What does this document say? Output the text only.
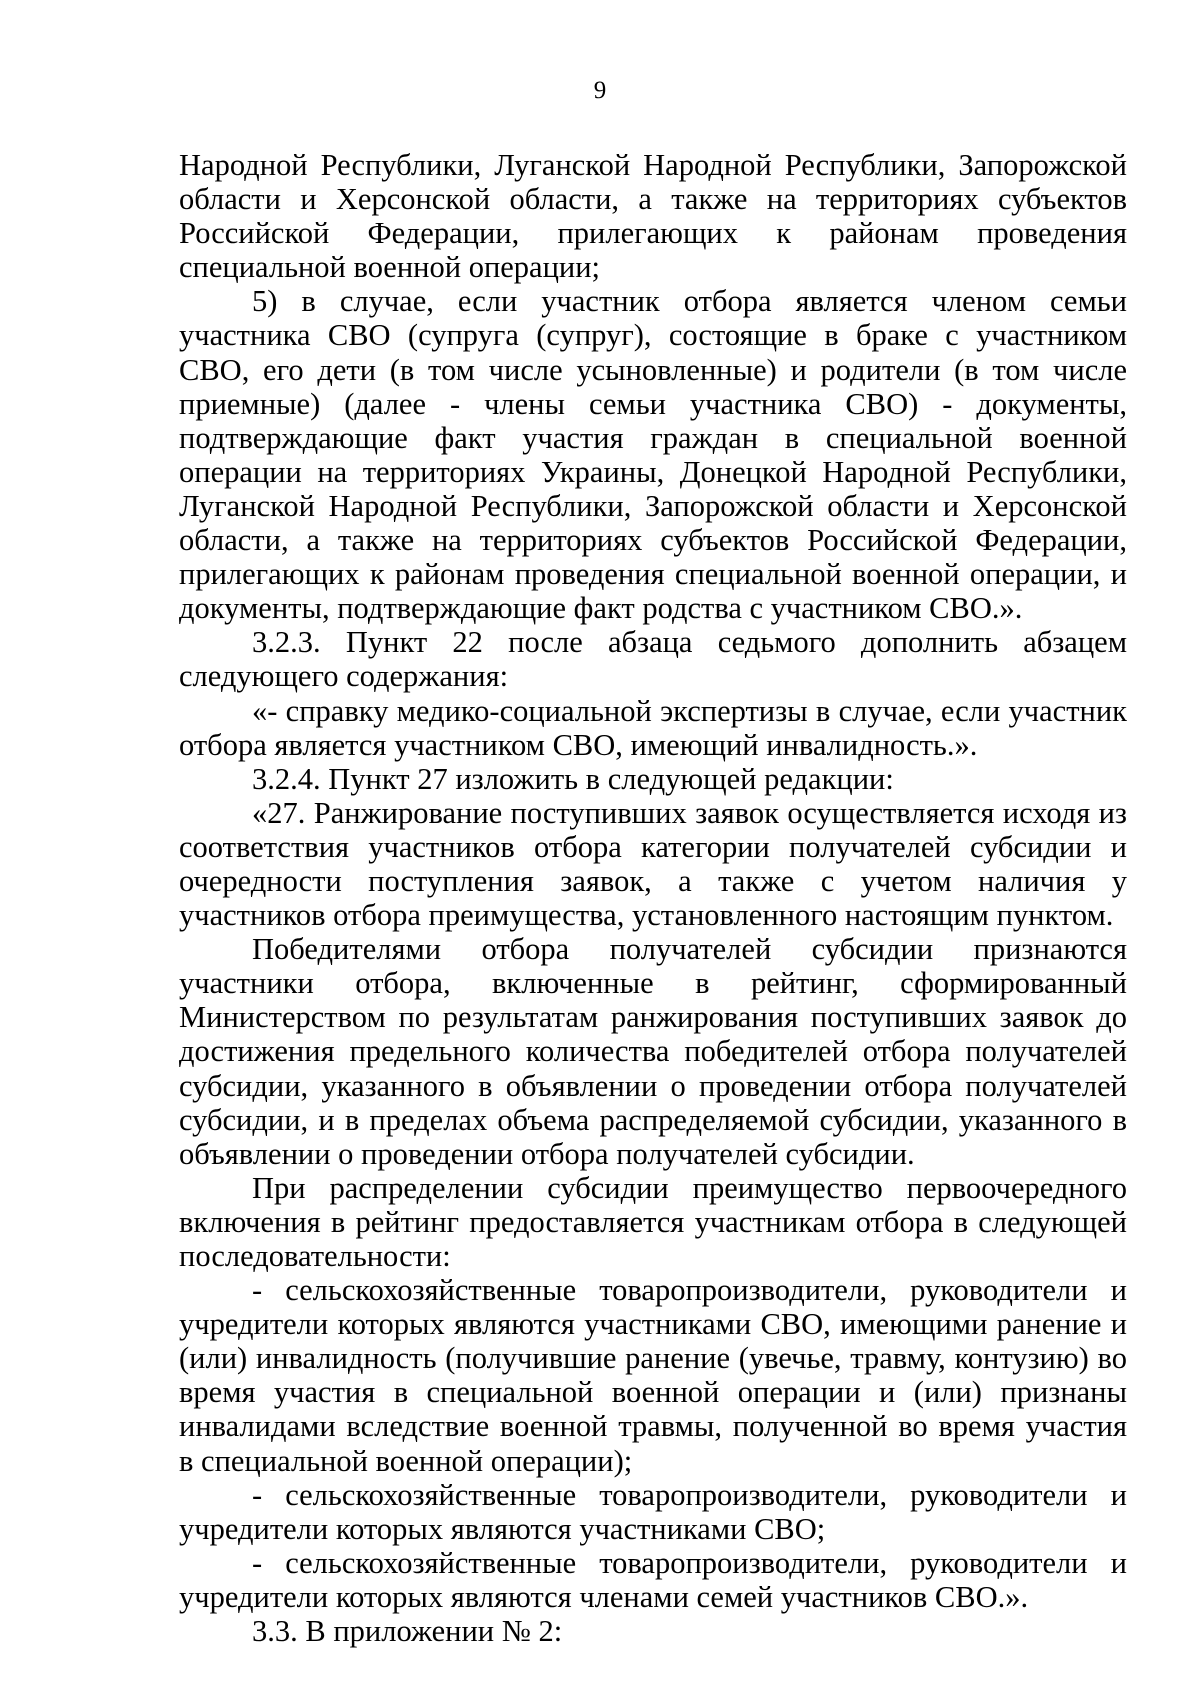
9

Народной Республики, Луганской Народной Республики, Запорожской области и Херсонской области, а также на территориях субъектов Российской Федерации, прилегающих к районам проведения специальной военной операции;

5) в случае, если участник отбора является членом семьи участника СВО (супруга (супруг), состоящие в браке с участником СВО, его дети (в том числе усыновленные) и родители (в том числе приемные) (далее - члены семьи участника СВО) - документы, подтверждающие факт участия граждан в специальной военной операции на территориях Украины, Донецкой Народной Республики, Луганской Народной Республики, Запорожской области и Херсонской области, а также на территориях субъектов Российской Федерации, прилегающих к районам проведения специальной военной операции, и документы, подтверждающие факт родства с участником СВО.».

3.2.3. Пункт 22 после абзаца седьмого дополнить абзацем следующего содержания:

«- справку медико-социальной экспертизы в случае, если участник отбора является участником СВО, имеющий инвалидность.».

3.2.4. Пункт 27 изложить в следующей редакции:

«27. Ранжирование поступивших заявок осуществляется исходя из соответствия участников отбора категории получателей субсидии и очередности поступления заявок, а также с учетом наличия у участников отбора преимущества, установленного настоящим пунктом.

Победителями отбора получателей субсидии признаются участники отбора, включенные в рейтинг, сформированный Министерством по результатам ранжирования поступивших заявок до достижения предельного количества победителей отбора получателей субсидии, указанного в объявлении о проведении отбора получателей субсидии, и в пределах объема распределяемой субсидии, указанного в объявлении о проведении отбора получателей субсидии.

При распределении субсидии преимущество первоочередного включения в рейтинг предоставляется участникам отбора в следующей последовательности:

- сельскохозяйственные товаропроизводители, руководители и учредители которых являются участниками СВО, имеющими ранение и (или) инвалидность (получившие ранение (увечье, травму, контузию) во время участия в специальной военной операции и (или) признаны инвалидами вследствие военной травмы, полученной во время участия в специальной военной операции);

- сельскохозяйственные товаропроизводители, руководители и учредители которых являются участниками СВО;

- сельскохозяйственные товаропроизводители, руководители и учредители которых являются членами семей участников СВО.».

3.3. В приложении № 2:
